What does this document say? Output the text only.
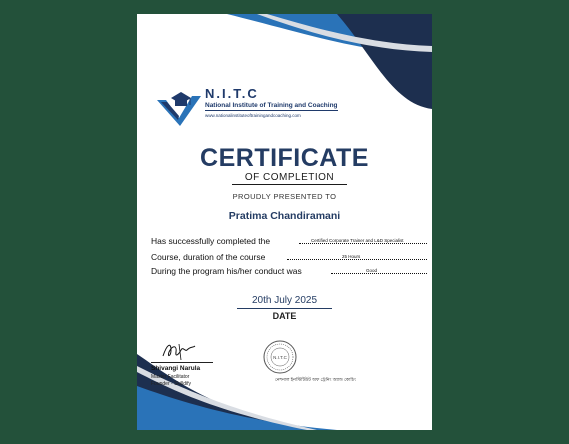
N.I.T.C
National Institute of Training and Coaching
www.nationalinstituteoftrainingandcoaching.com
CERTIFICATE
OF COMPLETION
PROUDLY PRESENTED TO
Pratima Chandiramani
Has successfully completed the	Certified Corporate Trainer and L&D Specialist
Course, duration of the course	25 Hours
During the program his/her conduct was	Good
20th July 2025
DATE
Shivangi Narula
Master Facilitator
Founder - Skilldify
N.I.T.C
নেশনাল ইনস্টিটিউট অফ ট্রেনিং অ্যান্ড কোচিং
